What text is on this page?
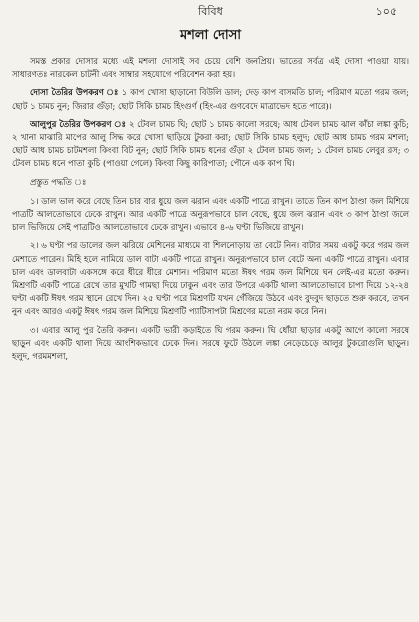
বিবিধ	১০৫
মশলা দোসা

সমস্ত প্রকার দোসার মধ্যে এই মশলা দোসাই সব চেয়ে বেশি জনপ্রিয়। ভাতের সর্বত্র এই দোসা পাওয়া যায়। সাধারণতঃ নারকেল চাটনী এবং সাম্বার সহযোগে পরিবেশন করা হয়।

দোসা তৈরির উপকরণ ঃ ১ কাপ খোসা ছাড়ানো বিউলি ডাল; দেড় কাপ বাসমতি চাল; পরিমাণ মতো গরম জল; ছোট ১ চামচ নুন; জিরার গুঁড়া; ছোট সিকি চামচ হিংগুর্ণ (হিং-এর গুণবেদে মাত্রাভেদ হতে পারে)।

আলুপুর তৈরির উপকরণ ঃ ২ টেবল চামচ ঘি; ছোট ১ চামচ কালো সরষে; আধ টেবল চামচ ঝাল কাঁচা লঙ্কা কুচি; ২ খানা মাঝারি মাপের আলু সিদ্ধ করে খোসা ছাড়িয়ে টুকরা করা; ছোট সিকি চামচ হলুদ; ছোট আধ চামচ গরম মশলা; ছোট আধ চামচ চাটমশলা কিংবা বিট নুন; ছোট সিকি চামচ ধনের গুঁড়া ২ টেবল চামচ জল; ১ টেবল চামচ লেবুর রস; ৩ টেবল চামচ ধনে পাতা কুচি (পাওয়া গেলে) কিংবা কিছু কারিপাতা; পৌনে এক কাপ ঘি।

প্রস্তুত পদ্ধতি ঃ

১। ডাল ভাল করে বেছে তিন চার বার ধুয়ে জল ঝরান এবং একটি পাত্রে রাখুন। তাতে তিন কাপ ঠাণ্ডা জল মিশিয়ে পাত্রটি আলতোভাবে ঢেকে রাখুন। আর একটি পাত্রে অনুরূপভাবে চাল বেছে, ধুয়ে জল ঝরান এবং ৩ কাপ ঠাণ্ডা জলে চাল ভিজিয়ে সেই পাত্রটিও আলতোভাবে ঢেকে রাখুন। এভাবে ৪-৬ ঘণ্টা ভিজিয়ে রাখুন।

২। ৬ ঘণ্টা পর ডালের জল ঝরিয়ে মেশিনের মাধ্যমে বা শিলনোড়ায় তা বেটে নিন। বাটার সময় একটু করে গরম জল মেশাতে পারেন। মিহি হলে নামিয়ে ডাল বাটা একটি পাত্রে রাখুন। অনুরূপভাবে চাল বেটে অন্য একটি পাত্রে রাখুন। এবার চাল এবং ডালবাটা একসঙ্গে করে ধীরে ধীরে মেশান। পরিমাণ মতো ঈষৎ গরম জল মিশিয়ে ঘন লেই-এর মতো করুন। মিশ্রণটি একটি পাত্রে রেখে তার মুখটি গামছা দিয়ে ঢাকুন এবং তার উপরে একটি থালা আলতোভাবে চাপা দিয়ে ১২-২৪ ঘণ্টা একটি ঈষৎ গরম স্থানে রেখে দিন। ২৫ ঘণ্টা পরে মিশ্রণটি যখন গেঁজিয়ে উঠবে এবং বুদবুদ ছাড়তে শুরু করবে, তখন নুন এবং আরও একটু ঈষৎ গরম জল মিশিয়ে মিশ্রণটি প্যাটিসাপটা মিশ্রণের মতো নরম করে নিন।

৩। এবার আলু পুর তৈরি করুন। একটি ভারী কড়াইতে ঘি গরম করুন। ঘি ধোঁয়া ছাড়ার একটু আগে কালো সরষে ছাড়ুন এবং একটি থালা দিয়ে আংশিকভাবে ঢেকে দিন। সরষে ফুটে উঠলে লঙ্কা নেড়েচেড়ে আলুর টুকরোগুলি ছাড়ুন। হলুদ, গরমমশলা,
